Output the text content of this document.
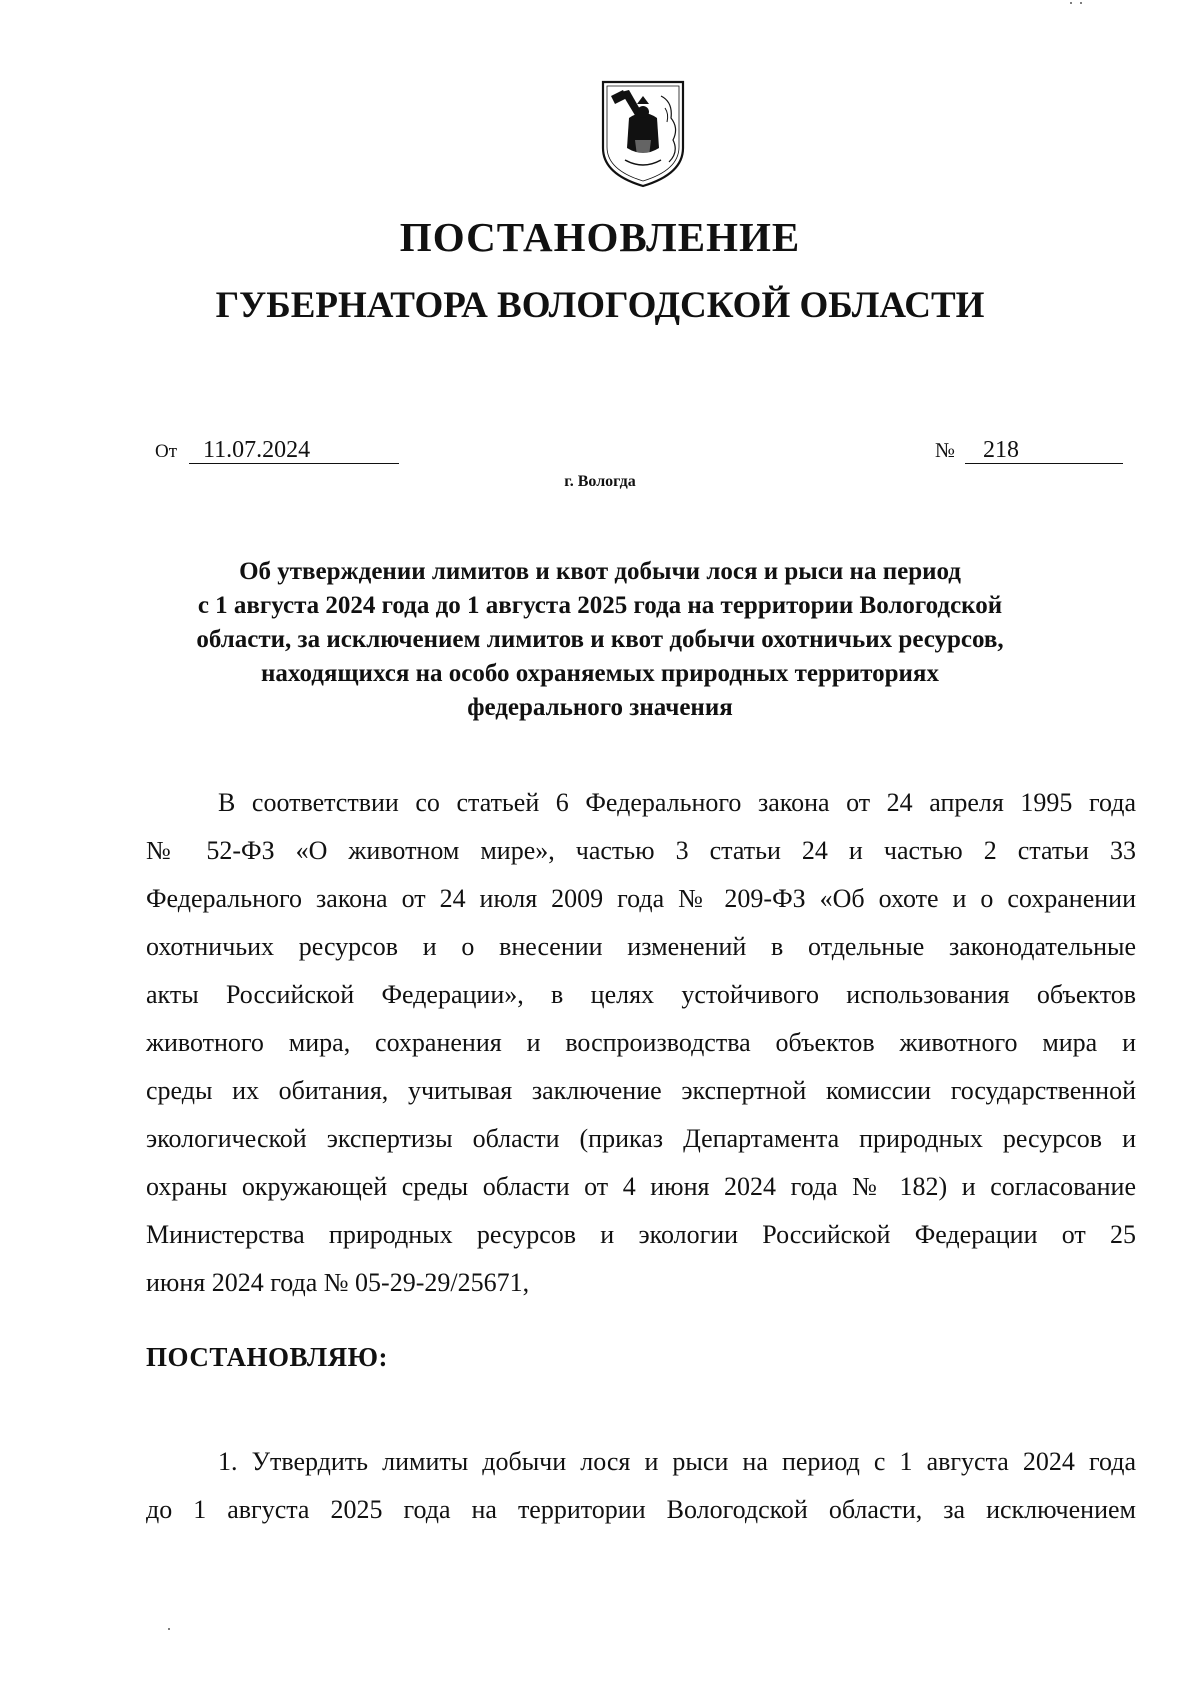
ПОСТАНОВЛЕНИЕ
ГУБЕРНАТОРА ВОЛОГОДСКОЙ ОБЛАСТИ
От 11.07.2024	№ 218
г. Вологда
Об утверждении лимитов и квот добычи лося и рыси на период
с 1 августа 2024 года до 1 августа 2025 года на территории Вологодской
области, за исключением лимитов и квот добычи охотничьих ресурсов,
находящихся на особо охраняемых природных территориях
федерального значения
В соответствии со статьей 6 Федерального закона от 24 апреля 1995 года
№ 52-ФЗ «О животном мире», частью 3 статьи 24 и частью 2 статьи 33
Федерального закона от 24 июля 2009 года № 209-ФЗ «Об охоте и о сохранении
охотничьих ресурсов и о внесении изменений в отдельные законодательные
акты Российской Федерации», в целях устойчивого использования объектов
животного мира, сохранения и воспроизводства объектов животного мира и
среды их обитания, учитывая заключение экспертной комиссии государственной
экологической экспертизы области (приказ Департамента природных ресурсов и
охраны окружающей среды области от 4 июня 2024 года № 182) и согласование
Министерства природных ресурсов и экологии Российской Федерации от 25
июня 2024 года № 05-29-29/25671,
ПОСТАНОВЛЯЮ:
1. Утвердить лимиты добычи лося и рыси на период с 1 августа 2024 года
до 1 августа 2025 года на территории Вологодской области, за исключением
